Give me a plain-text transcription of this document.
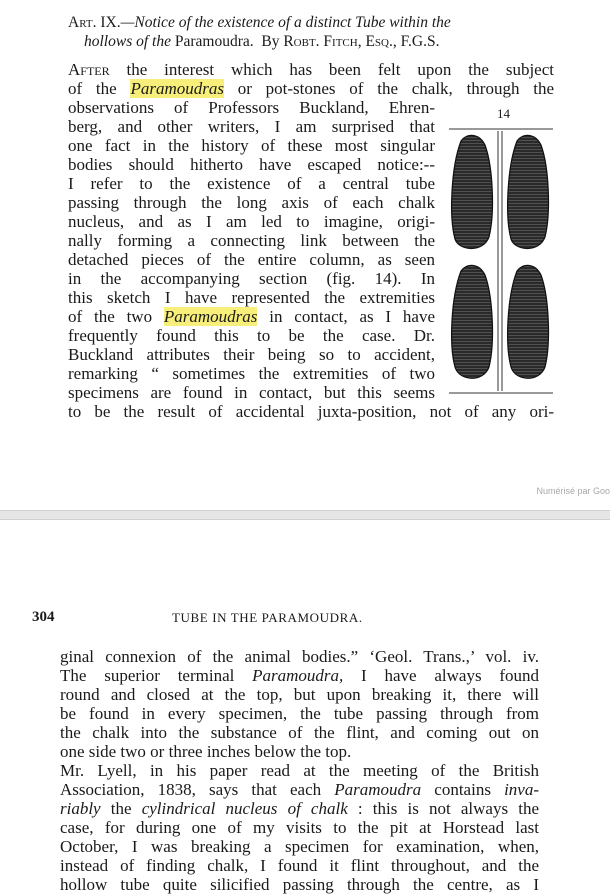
Art. IX.—Notice of the existence of a distinct Tube within the
hollows of the Paramoudra. By Robt. Fitch, Esq., F.G.S.
After the interest which has been felt upon the subject
of the Paramoudras or pot-stones of the chalk, through the
observations of Professors Buckland, Ehren-
berg, and other writers, I am surprised that
one fact in the history of these most singular
bodies should hitherto have escaped notice:--
I refer to the existence of a central tube
passing through the long axis of each chalk
nucleus, and as I am led to imagine, origi-
nally forming a connecting link between the
detached pieces of the entire column, as seen
in the accompanying section (fig. 14). In
this sketch I have represented the extremities
of the two Paramoudras in contact, as I have
frequently found this to be the case. Dr.
Buckland attributes their being so to accident,
remarking “ sometimes the extremities of two
specimens are found in contact, but this seems
to be the result of accidental juxta-position, not of any ori-
14
Numérisé par Goo
304	TUBE IN THE PARAMOUDRA.
ginal connexion of the animal bodies.” ‘Geol. Trans.,’ vol. iv.
The superior terminal Paramoudra, I have always found
round and closed at the top, but upon breaking it, there will
be found in every specimen, the tube passing through from
the chalk into the substance of the flint, and coming out on
one side two or three inches below the top.
Mr. Lyell, in his paper read at the meeting of the British
Association, 1838, says that each Paramoudra contains inva-
riably the cylindrical nucleus of chalk : this is not always the
case, for during one of my visits to the pit at Horstead last
October, I was breaking a specimen for examination, when,
instead of finding chalk, I found it flint throughout, and the
hollow tube quite silicified passing through the centre, as I
